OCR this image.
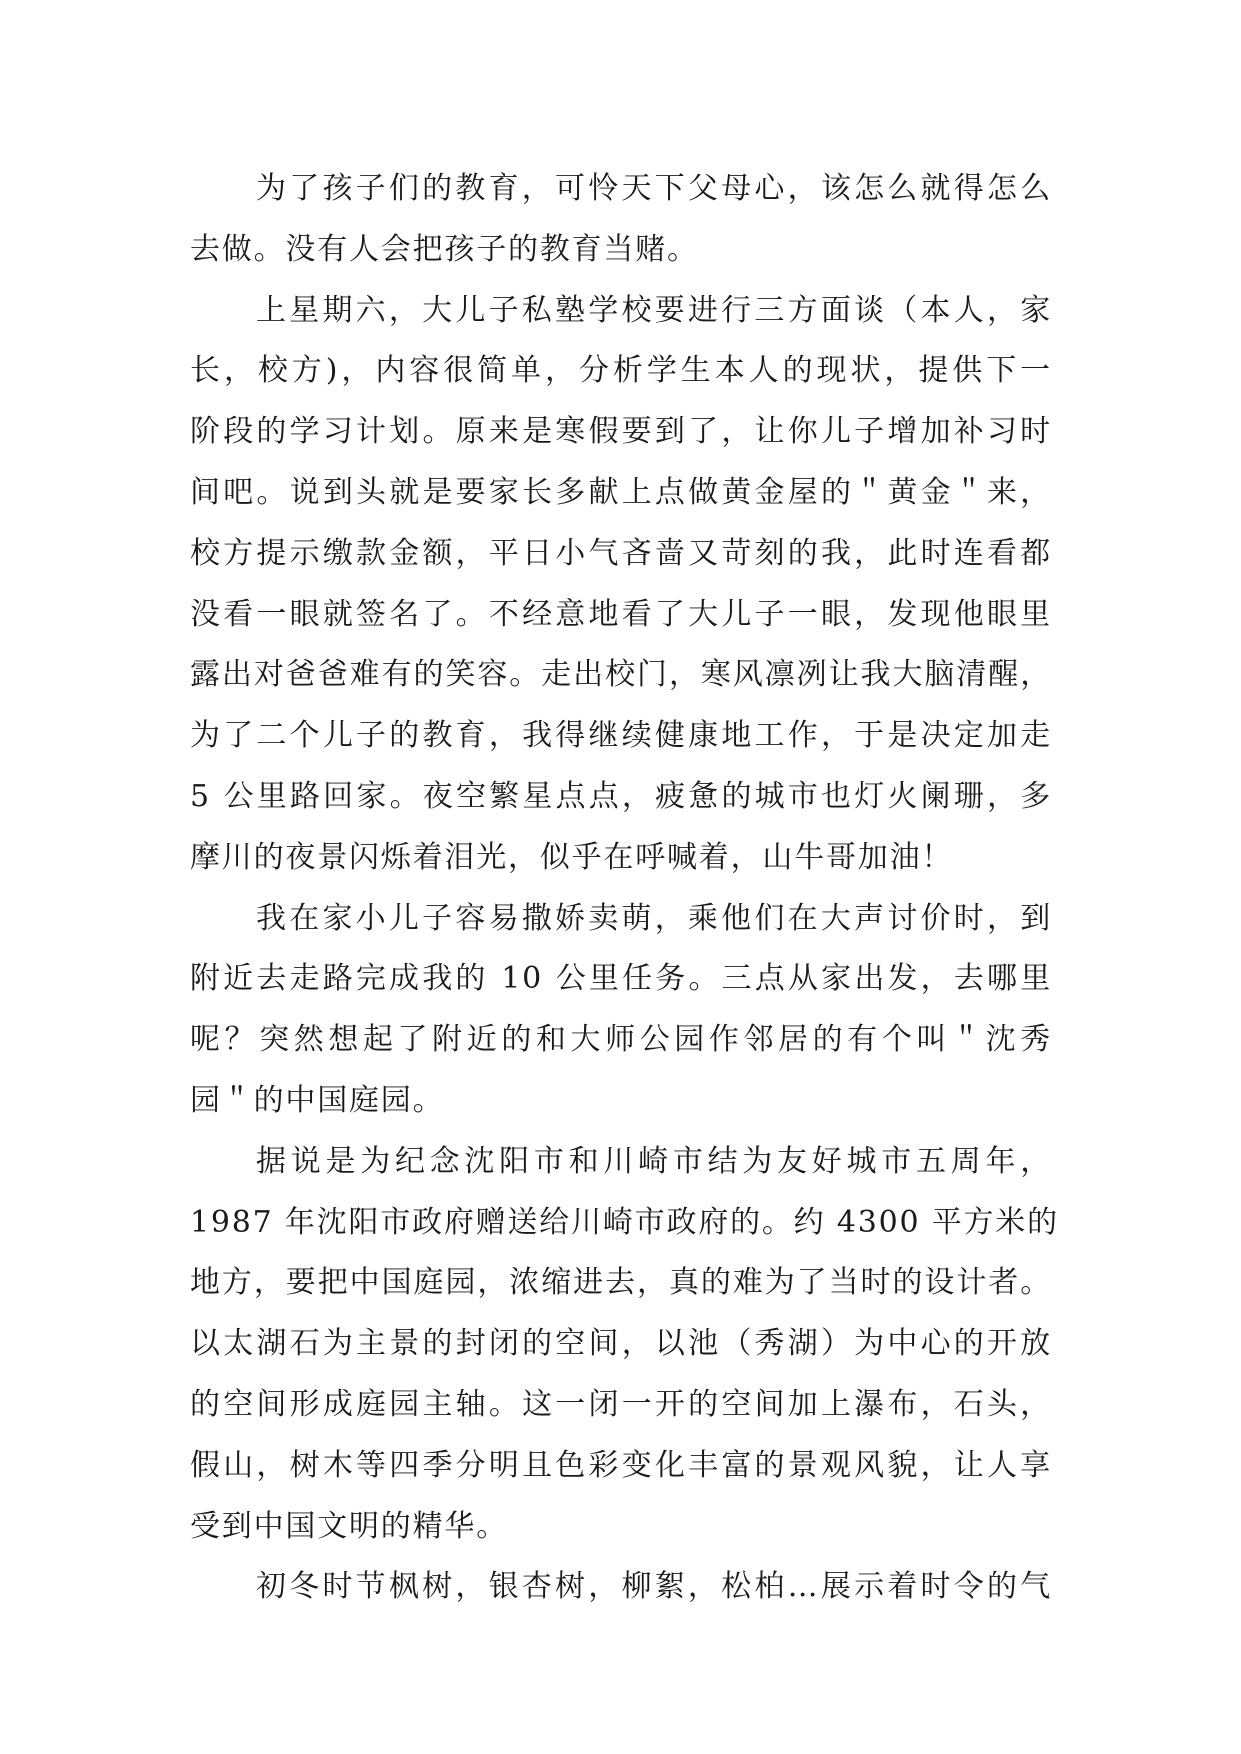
为了孩子们的教育，可怜天下父母心，该怎么就得怎么
去做。没有人会把孩子的教育当赌。
上星期六，大儿子私塾学校要进行三方面谈（本人，家
长，校方)，内容很简单，分析学生本人的现状，提供下一
阶段的学习计划。原来是寒假要到了，让你儿子增加补习时
间吧。说到头就是要家长多献上点做黄金屋的＂黄金＂来，
校方提示缴款金额，平日小气吝啬又苛刻的我，此时连看都
没看一眼就签名了。不经意地看了大儿子一眼，发现他眼里
露出对爸爸难有的笑容。走出校门，寒风凛冽让我大脑清醒，
为了二个儿子的教育，我得继续健康地工作，于是决定加走
5 公里路回家。夜空繁星点点，疲惫的城市也灯火阑珊，多
摩川的夜景闪烁着泪光，似乎在呼喊着，山牛哥加油！
我在家小儿子容易撒娇卖萌，乘他们在大声讨价时，到
附近去走路完成我的 10 公里任务。三点从家出发，去哪里
呢？突然想起了附近的和大师公园作邻居的有个叫＂沈秀
园＂的中国庭园。
据说是为纪念沈阳市和川崎市结为友好城市五周年，
1987 年沈阳市政府赠送给川崎市政府的。约 4300 平方米的
地方，要把中国庭园，浓缩进去，真的难为了当时的设计者。
以太湖石为主景的封闭的空间，以池（秀湖）为中心的开放
的空间形成庭园主轴。这一闭一开的空间加上瀑布，石头，
假山，树木等四季分明且色彩变化丰富的景观风貌，让人享
受到中国文明的精华。
初冬时节枫树，银杏树，柳絮，松柏…展示着时令的气
